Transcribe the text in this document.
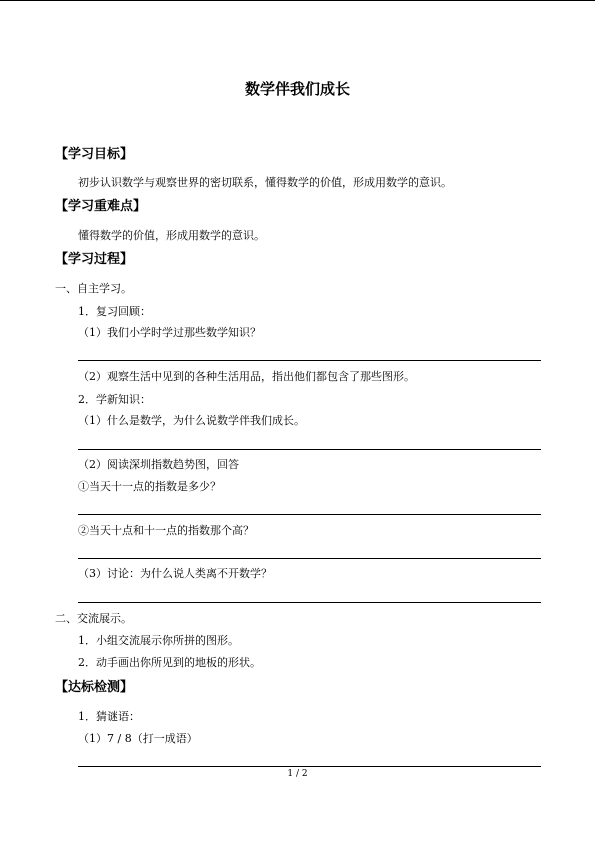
数学伴我们成长
【学习目标】
初步认识数学与观察世界的密切联系，懂得数学的价值，形成用数学的意识。
【学习重难点】
懂得数学的价值，形成用数学的意识。
【学习过程】
一、自主学习。
1．复习回顾：
（1）我们小学时学过那些数学知识？
（2）观察生活中见到的各种生活用品，指出他们都包含了那些图形。
2．学新知识：
（1）什么是数学，为什么说数学伴我们成长。
（2）阅读深圳指数趋势图，回答
①当天十一点的指数是多少？
②当天十点和十一点的指数那个高？
（3）讨论：为什么说人类离不开数学？
二、交流展示。
1．小组交流展示你所拼的图形。
2．动手画出你所见到的地板的形状。
【达标检测】
1．猜谜语：
（1）7 / 8（打一成语）
1 / 2
